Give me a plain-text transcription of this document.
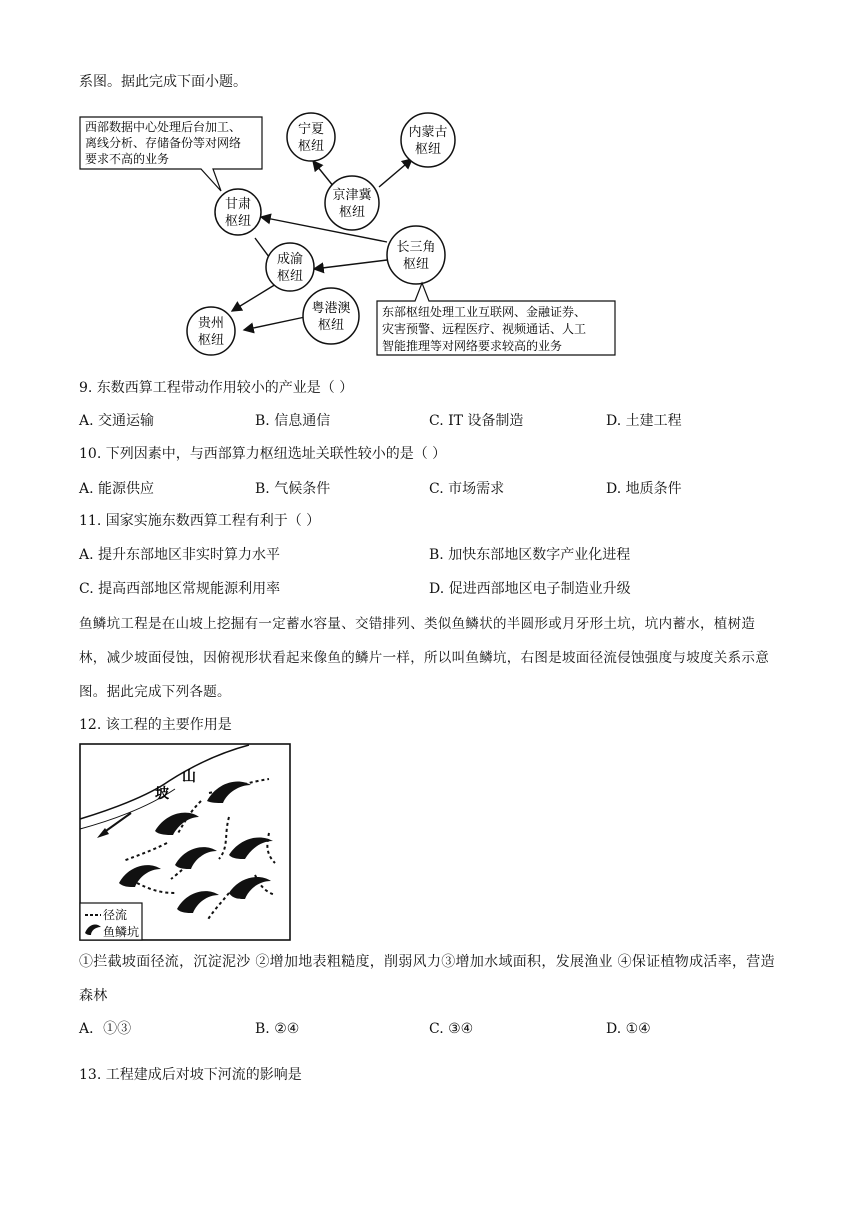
系图。据此完成下面小题。
西部数据中心处理后台加工、
离线分析、存储备份等对网络
要求不高的业务
宁夏
枢纽
内蒙古
枢纽
京津冀
枢纽
甘肃
枢纽
长三角
枢纽
成渝
枢纽
粤港澳
枢纽
贵州
枢纽
东部枢纽处理工业互联网、金融证券、
灾害预警、远程医疗、视频通话、人工
智能推理等对网络要求较高的业务
9. 东数西算工程带动作用较小的产业是（ ）
A. 交通运输	B. 信息通信	C. IT 设备制造	D. 土建工程
10. 下列因素中，与西部算力枢纽选址关联性较小的是（ ）
A. 能源供应	B. 气候条件	C. 市场需求	D. 地质条件
11. 国家实施东数西算工程有利于（ ）
A. 提升东部地区非实时算力水平	B. 加快东部地区数字产业化进程
C. 提高西部地区常规能源利用率	D. 促进西部地区电子制造业升级
鱼鳞坑工程是在山坡上挖掘有一定蓄水容量、交错排列、类似鱼鳞状的半圆形或月牙形土坑，坑内蓄水，植树造林，减少坡面侵蚀，因俯视形状看起来像鱼的鳞片一样，所以叫鱼鳞坑，右图是坡面径流侵蚀强度与坡度关系示意图。据此完成下列各题。
12. 该工程的主要作用是
坡
山
径流
鱼鳞坑
①拦截坡面径流，沉淀泥沙 ②增加地表粗糙度，削弱风力③增加水域面积，发展渔业 ④保证植物成活率，营造森林
A．①③	B. ②④	C. ③④	D. ①④
13. 工程建成后对坡下河流的影响是
